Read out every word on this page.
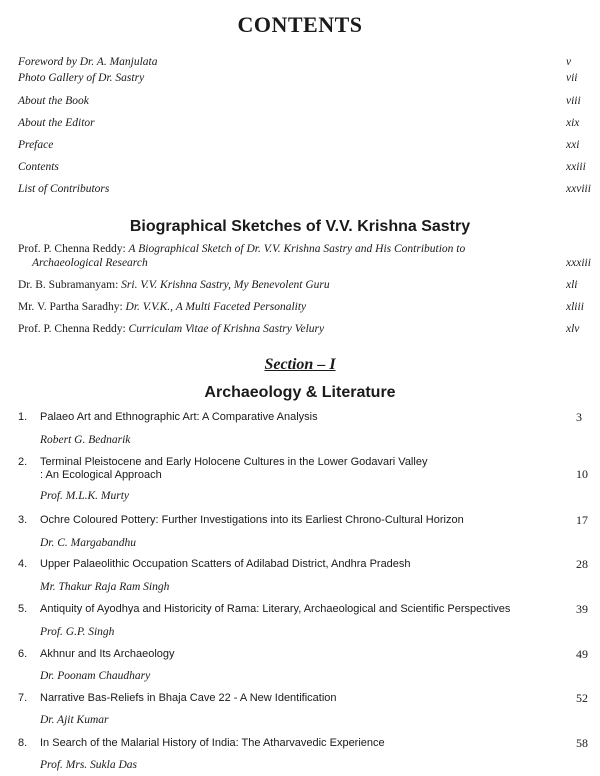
CONTENTS
Foreword by Dr. A. Manjulata	v
Photo Gallery of Dr. Sastry	vii
About the Book	viii
About the Editor	xix
Preface	xxi
Contents	xxiii
List of Contributors	xxviii
Biographical Sketches of V.V. Krishna Sastry
Prof. P. Chenna Reddy: A Biographical Sketch of Dr. V.V. Krishna Sastry and His Contribution to
Archaeological Research	xxxiii
Dr. B. Subramanyam: Sri. V.V. Krishna Sastry, My Benevolent Guru	xli
Mr. V. Partha Saradhy: Dr. V.V.K., A Multi Faceted Personality	xliii
Prof. P. Chenna Reddy: Curriculam Vitae of Krishna Sastry Velury	xlv
Section – I
Archaeology & Literature
1. Palaeo Art and Ethnographic Art: A Comparative Analysis	3
Robert G. Bednarik
2. Terminal Pleistocene and Early Holocene Cultures in the Lower Godavari Valley
: An Ecological Approach	10
Prof. M.L.K. Murty
3. Ochre Coloured Pottery: Further Investigations into its Earliest Chrono-Cultural Horizon	17
Dr. C. Margabandhu
4. Upper Palaeolithic Occupation Scatters of Adilabad District, Andhra Pradesh	28
Mr. Thakur Raja Ram Singh
5. Antiquity of Ayodhya and Historicity of Rama: Literary, Archaeological and Scientific Perspectives	39
Prof. G.P. Singh
6. Akhnur and Its Archaeology	49
Dr. Poonam Chaudhary
7. Narrative Bas-Reliefs in Bhaja Cave 22 - A New Identification	52
Dr. Ajit Kumar
8. In Search of the Malarial History of India: The Atharvavedic Experience	58
Prof. Mrs. Sukla Das
